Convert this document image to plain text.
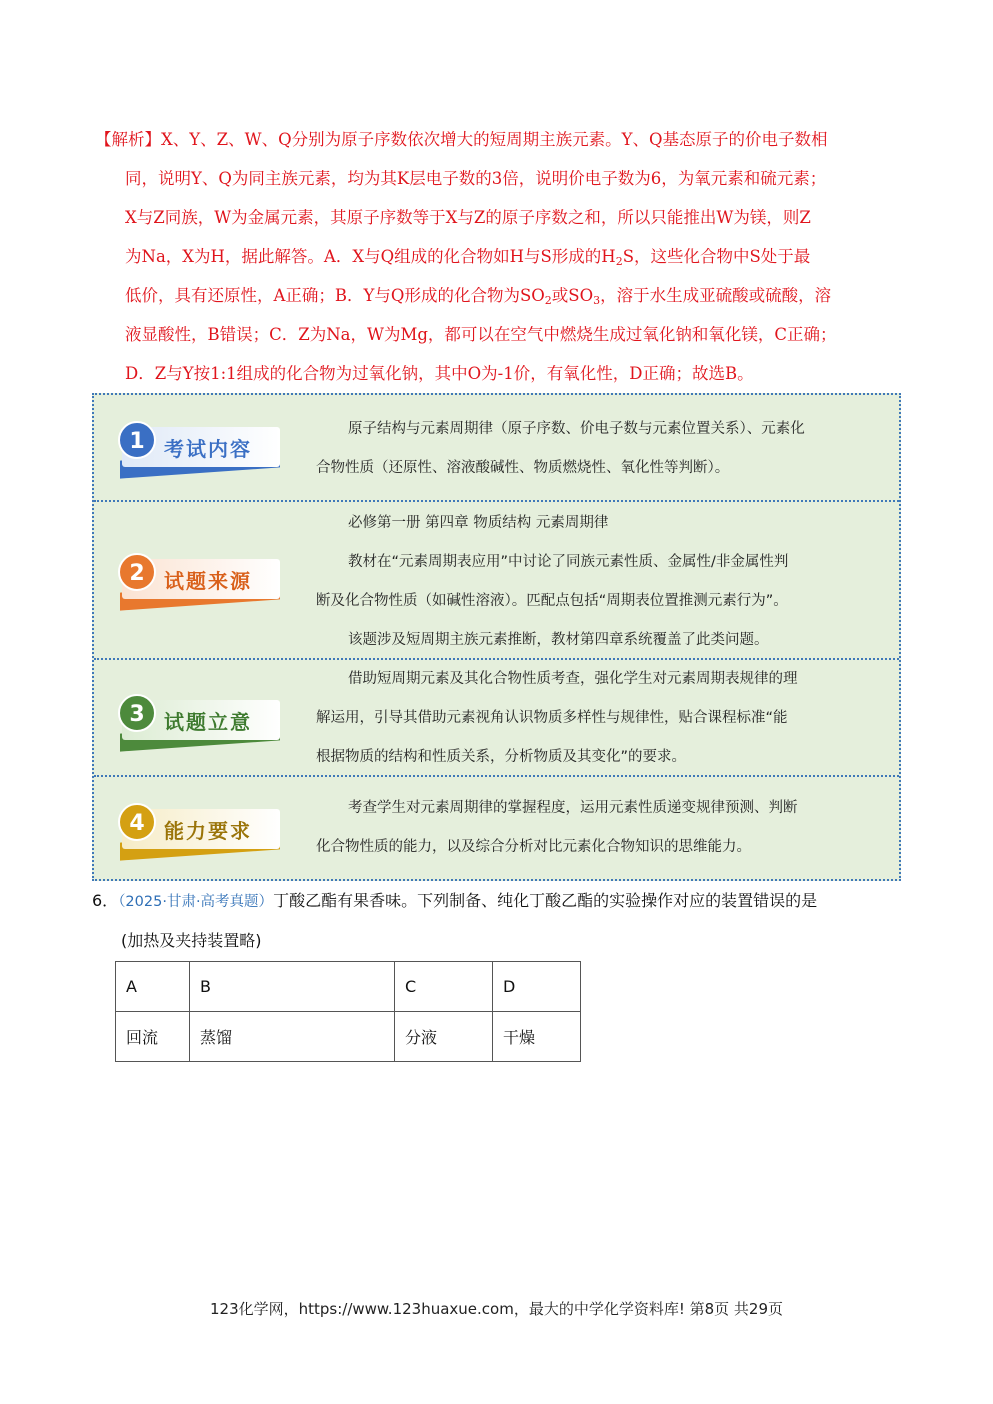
【解析】X、Y、Z、W、Q分别为原子序数依次增大的短周期主族元素。Y、Q基态原子的价电子数相
同，说明Y、Q为同主族元素，均为其K层电子数的3倍，说明价电子数为6，为氧元素和硫元素；
X与Z同族，W为金属元素，其原子序数等于X与Z的原子序数之和，所以只能推出W为镁，则Z
为Na，X为H，据此解答。A．X与Q组成的化合物如H与S形成的$H_2S$，这些化合物中S处于最
低价，具有还原性，A正确；B．Y与Q形成的化合物为$SO_2$或$SO_3$，溶于水生成亚硫酸或硫酸，溶
液显酸性，B错误；C．Z为Na，W为Mg，都可以在空气中燃烧生成过氧化钠和氧化镁，C正确；
D．Z与Y按1:1组成的化合物为过氧化钠，其中O为-1价，有氧化性，D正确；故选B。
1 考试内容
原子结构与元素周期律（原子序数、价电子数与元素位置关系）、元素化
合物性质（还原性、溶液酸碱性、物质燃烧性、氧化性等判断）。
2 试题来源
必修第一册 第四章 物质结构 元素周期律
教材在“元素周期表应用”中讨论了同族元素性质、金属性/非金属性判
断及化合物性质（如碱性溶液）。匹配点包括“周期表位置推测元素行为”。
该题涉及短周期主族元素推断，教材第四章系统覆盖了此类问题。
3 试题立意
借助短周期元素及其化合物性质考查，强化学生对元素周期表规律的理
解运用，引导其借助元素视角认识物质多样性与规律性，贴合课程标准“能
根据物质的结构和性质关系，分析物质及其变化”的要求。
4 能力要求
考查学生对元素周期律的掌握程度，运用元素性质递变规律预测、判断
化合物性质的能力，以及综合分析对比元素化合物知识的思维能力。
6．（2025·甘肃·高考真题）丁酸乙酯有果香味。下列制备、纯化丁酸乙酯的实验操作对应的装置错误的是
(加热及夹持装置略)
A	B	C	D
回流	蒸馏	分液	干燥
123化学网，https://www.123huaxue.com，最大的中学化学资料库! 第8页 共29页
